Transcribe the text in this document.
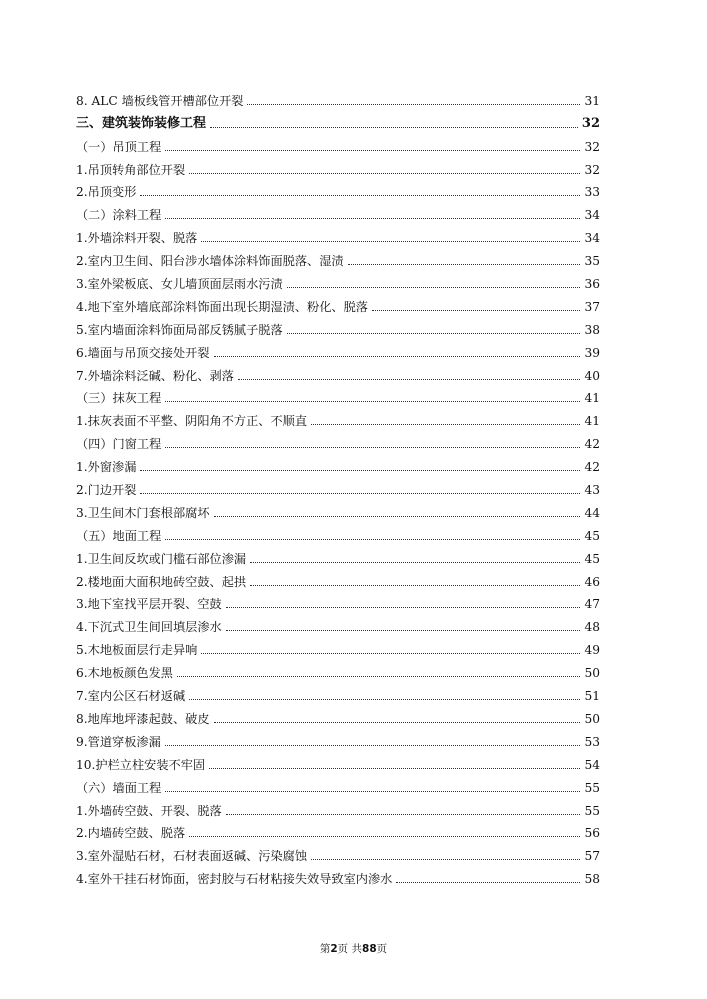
8. ALC 墙板线管开槽部位开裂	31
三、建筑装饰装修工程	32
（一）吊顶工程	32
1.吊顶转角部位开裂	32
2.吊顶变形	33
（二）涂料工程	34
1.外墙涂料开裂、脱落	34
2.室内卫生间、阳台涉水墙体涂料饰面脱落、湿渍	35
3.室外梁板底、女儿墙顶面层雨水污渍	36
4.地下室外墙底部涂料饰面出现长期湿渍、粉化、脱落	37
5.室内墙面涂料饰面局部反锈腻子脱落	38
6.墙面与吊顶交接处开裂	39
7.外墙涂料泛碱、粉化、剥落	40
（三）抹灰工程	41
1.抹灰表面不平整、阴阳角不方正、不顺直	41
（四）门窗工程	42
1.外窗渗漏	42
2.门边开裂	43
3.卫生间木门套根部腐坏	44
（五）地面工程	45
1.卫生间反坎或门槛石部位渗漏	45
2.楼地面大面积地砖空鼓、起拱	46
3.地下室找平层开裂、空鼓	47
4.下沉式卫生间回填层渗水	48
5.木地板面层行走异响	49
6.木地板颜色发黑	50
7.室内公区石材返碱	51
8.地库地坪漆起鼓、破皮	50
9.管道穿板渗漏	53
10.护栏立柱安装不牢固	54
（六）墙面工程	55
1.外墙砖空鼓、开裂、脱落	55
2.内墙砖空鼓、脱落	56
3.室外湿贴石材，石材表面返碱、污染腐蚀	57
4.室外干挂石材饰面，密封胶与石材粘接失效导致室内渗水	58
第2页 共88页
